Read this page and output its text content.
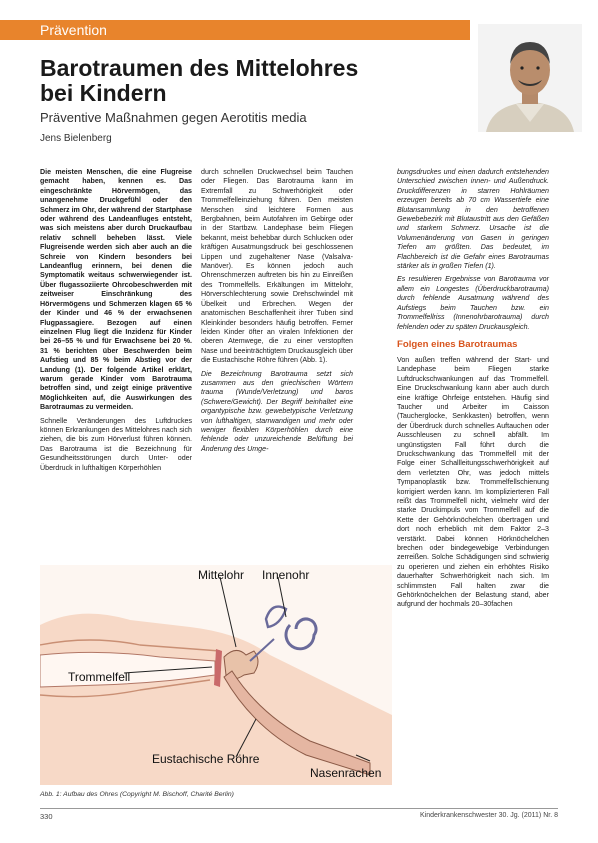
Prävention
Barotraumen des Mittelohres
bei Kindern
Präventive Maßnahmen gegen Aerotitis media
Jens Bielenberg

Die meisten Menschen, die eine Flugreise gemacht haben, kennen es. Das eingeschränkte Hörvermögen, das unangenehme Druckgefühl oder den Schmerz im Ohr, der während der Startphase oder während des Landeanfluges entsteht, was sich meistens aber durch Druckaufbau relativ schnell beheben lässt. Viele Flugreisende werden sich aber auch an die Schreie von Kindern besonders bei Landeanflug erinnern, bei denen die Symptomatik weitaus schwerwiegender ist. Über flugassoziierte Ohrcobeschwerden mit zeitweiser Einschränkung des Hörvermögens und Schmerzen klagen 65 % der Kinder und 46 % der erwachsenen Flugpassagiere. Bezogen auf einen einzelnen Flug liegt die Inzidenz für Kinder bei 26–55 % und für Erwachsene bei 20 %. 31 % berichten über Beschwerden beim Aufstieg und 85 % beim Abstieg vor der Landung (1). Der folgende Artikel erklärt, warum gerade Kinder vom Barotrauma betroffen sind, und zeigt einige präventive Möglichkeiten auf, die Auswirkungen des Barotraumas zu vermeiden.

Schnelle Veränderungen des Luftdruckes können Erkrankungen des Mittelohres nach sich ziehen, die bis zum Hörverlust führen können. Das Barotrauma ist die Bezeichnung für Gesundheitsstörungen durch Unter- oder Überdruck in lufthaltigen Körperhöhlen

durch schnellen Druckwechsel beim Tauchen oder Fliegen. Das Barotrauma kann im Extremfall zu Schwerhörigkeit oder Trommelfelleinziehung führen. Den meisten Menschen sind leichtere Formen aus Bergbahnen, beim Autofahren im Gebirge oder in der Startbzw. Landephase beim Fliegen bekannt, meist behebbar durch Schlucken oder kräftigen Ausatmungsdruck bei geschlossenen Lippen und zugehaltener Nase (Valsalva-Manöver). Es können jedoch auch Ohrenschmerzen auftreten bis hin zu Einreißen des Trommelfells. Erkältungen im Mittelohr, Hörverschlechterung sowie Drehschwindel mit Übelkeit und Erbrechen. Wegen der anatomischen Beschaffenheit ihrer Tuben sind Kleinkinder besonders häufig betroffen. Ferner leiden Kinder öfter an viralen Infektionen der oberen Atemwege, die zu einer verstopften Nase und beeinträchtigtem Druckausgleich über die Eustachische Röhre führen (Abb. 1).

Die Bezeichnung Barotrauma setzt sich zusammen aus den griechischen Wörtern trauma (Wunde/Verletzung) und baros (Schwere/Gewicht). Der Begriff beinhaltet eine organtypische bzw. gewebetypische Verletzung von lufthaltigen, starrwandigen und mehr oder weniger flexiblen Körperhöhlen durch eine fehlende oder unzureichende Belüftung bei Änderung des Umge-

bungsdruckes und einen dadurch entstehenden Unterschied zwischen innen- und Außendruck. Druckdifferenzen in starren Hohlräumen erzeugen bereits ab 70 cm Wassertiefe eine Blutansammlung in den betroffenen Gewebebezirk mit Blutaustritt aus den Gefäßen und starkem Schmerz. Ursache ist die Volumenänderung von Gasen in geringen Tiefen am größten. Das bedeutet, im Flachbereich ist die Gefahr eines Barotraumas stärker als in großen Tiefen (1).

Es resultieren Ergebnisse von Barotrauma vor allem ein Longestes (Überdruckbarotrauma) durch fehlende Ausatmung während des Aufstiegs beim Tauchen bzw. ein Trommelfellriss (Innenohrbarotrauma) durch fehlenden oder zu späten Druckausgleich.

Folgen eines Barotraumas

Von außen treffen während der Start- und Landephase beim Fliegen starke Luftdruckschwankungen auf das Trommelfell. Eine Druckschwankung kann aber auch durch eine kräftige Ohrfeige entstehen. Häufig sind Taucher und Arbeiter im Caisson (Taucherglocke, Senkkasten) betroffen, wenn der Überdruck durch schnelles Auftauchen oder Ausschleusen zu schnell abfällt. Im ungünstigsten Fall führt durch die Druckschwankung das Trommelfell mit der Folge einer Schallleitungsschwerhörigkeit auf dem verletzten Ohr, was jedoch mittels Tympanoplastik bzw. Trommelfellschienung korrigiert werden kann. Im komplizierteren Fall reißt das Trommelfell nicht, vielmehr wird der starke Druckimpuls vom Trommelfell auf die Kette der Gehörknöchelchen übertragen und dort noch erheblich mit dem Faktor 2–3 verstärkt. Dabei können Hörknöchelchen brechen oder bindegewebige Verbindungen zerreißen. Solche Schädigungen sind schwierig zu operieren und ziehen ein erhöhtes Risiko dauerhafter Schwerhörigkeit nach sich. Im schlimmsten Fall halten zwar die Gehörknöchelchen der Belastung stand, aber aufgrund der hochmals 20–30fachen

Mittelohr Innenohr
Trommelfell
Eustachische Röhre
Nasenrachen
Abb. 1: Aufbau des Ohres (Copyright M. Bischoff, Charité Berlin)
330	Kinderkrankenschwester 30. Jg. (2011) Nr. 8
